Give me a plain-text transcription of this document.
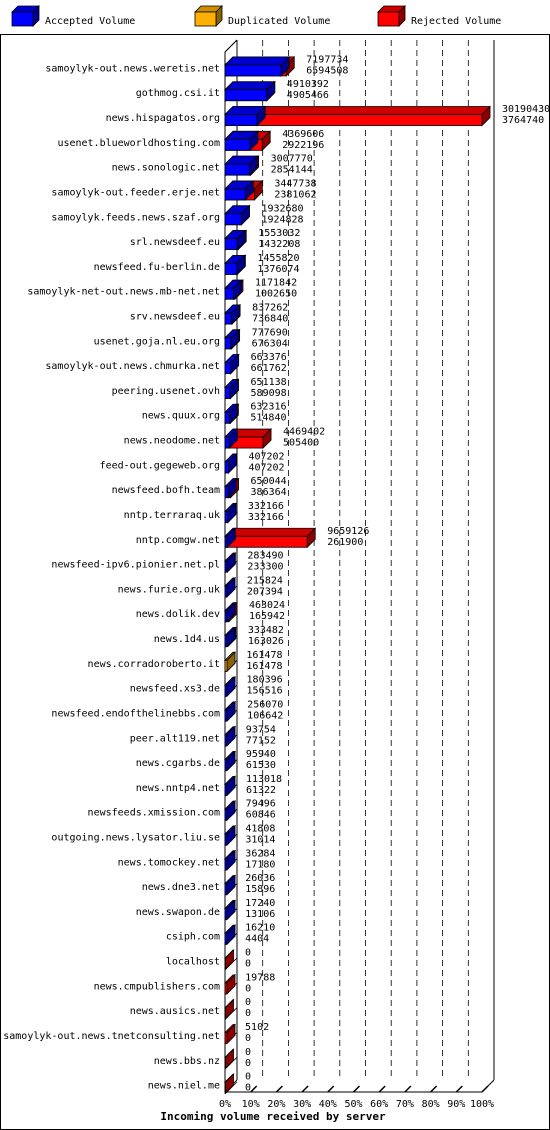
Accepted Volume	Duplicated Volume	Rejected Volume
0% 10% 20% 30% 40% 50% 60% 70% 80% 90% 100%
samoylyk-out.news.weretis.net
7197734
6594508
gothmog.csi.it
4910392
4905466
news.hispagatos.org
30190430
3764740
usenet.blueworldhosting.com
4369606
2922196
news.sonologic.net
3007770
2854144
samoylyk-out.feeder.erje.net
3447738
2381062
samoylyk.feeds.news.szaf.org
1932680
1924828
srl.newsdeef.eu
1553032
1432208
newsfeed.fu-berlin.de
1455820
1376074
samoylyk-net-out.news.mb-net.net
1171842
1002650
srv.newsdeef.eu
837262
736840
usenet.goja.nl.eu.org
777690
676304
samoylyk-out.news.chmurka.net
663376
661762
peering.usenet.ovh
651138
589098
news.quux.org
632316
514840
news.neodome.net
4469402
505400
feed-out.gegeweb.org
407202
407202
newsfeed.bofh.team
650044
386364
nntp.terraraq.uk
332166
332166
nntp.comgw.net
9659126
261900
newsfeed-ipv6.pionier.net.pl
283490
233300
news.furie.org.uk
215824
207394
news.dolik.dev
463024
165942
news.1d4.us
333482
163026
news.corradoroberto.it
161478
161478
newsfeed.xs3.de
180396
156516
newsfeed.endofthelinebbs.com
256070
106642
peer.alt119.net
93754
77152
news.cgarbs.de
95940
61530
news.nntp4.net
113018
61322
newsfeeds.xmission.com
79496
60846
outgoing.news.lysator.liu.se
41808
31014
news.tomockey.net
36284
17180
news.dne3.net
26036
15896
news.swapon.de
17240
13106
csiph.com
16210
4404
localhost
0
0
news.cmpublishers.com
19788
0
news.ausics.net
0
0
samoylyk-out.news.tnetconsulting.net
5102
0
news.bbs.nz
0
0
news.niel.me
0
0
Incoming volume received by server
